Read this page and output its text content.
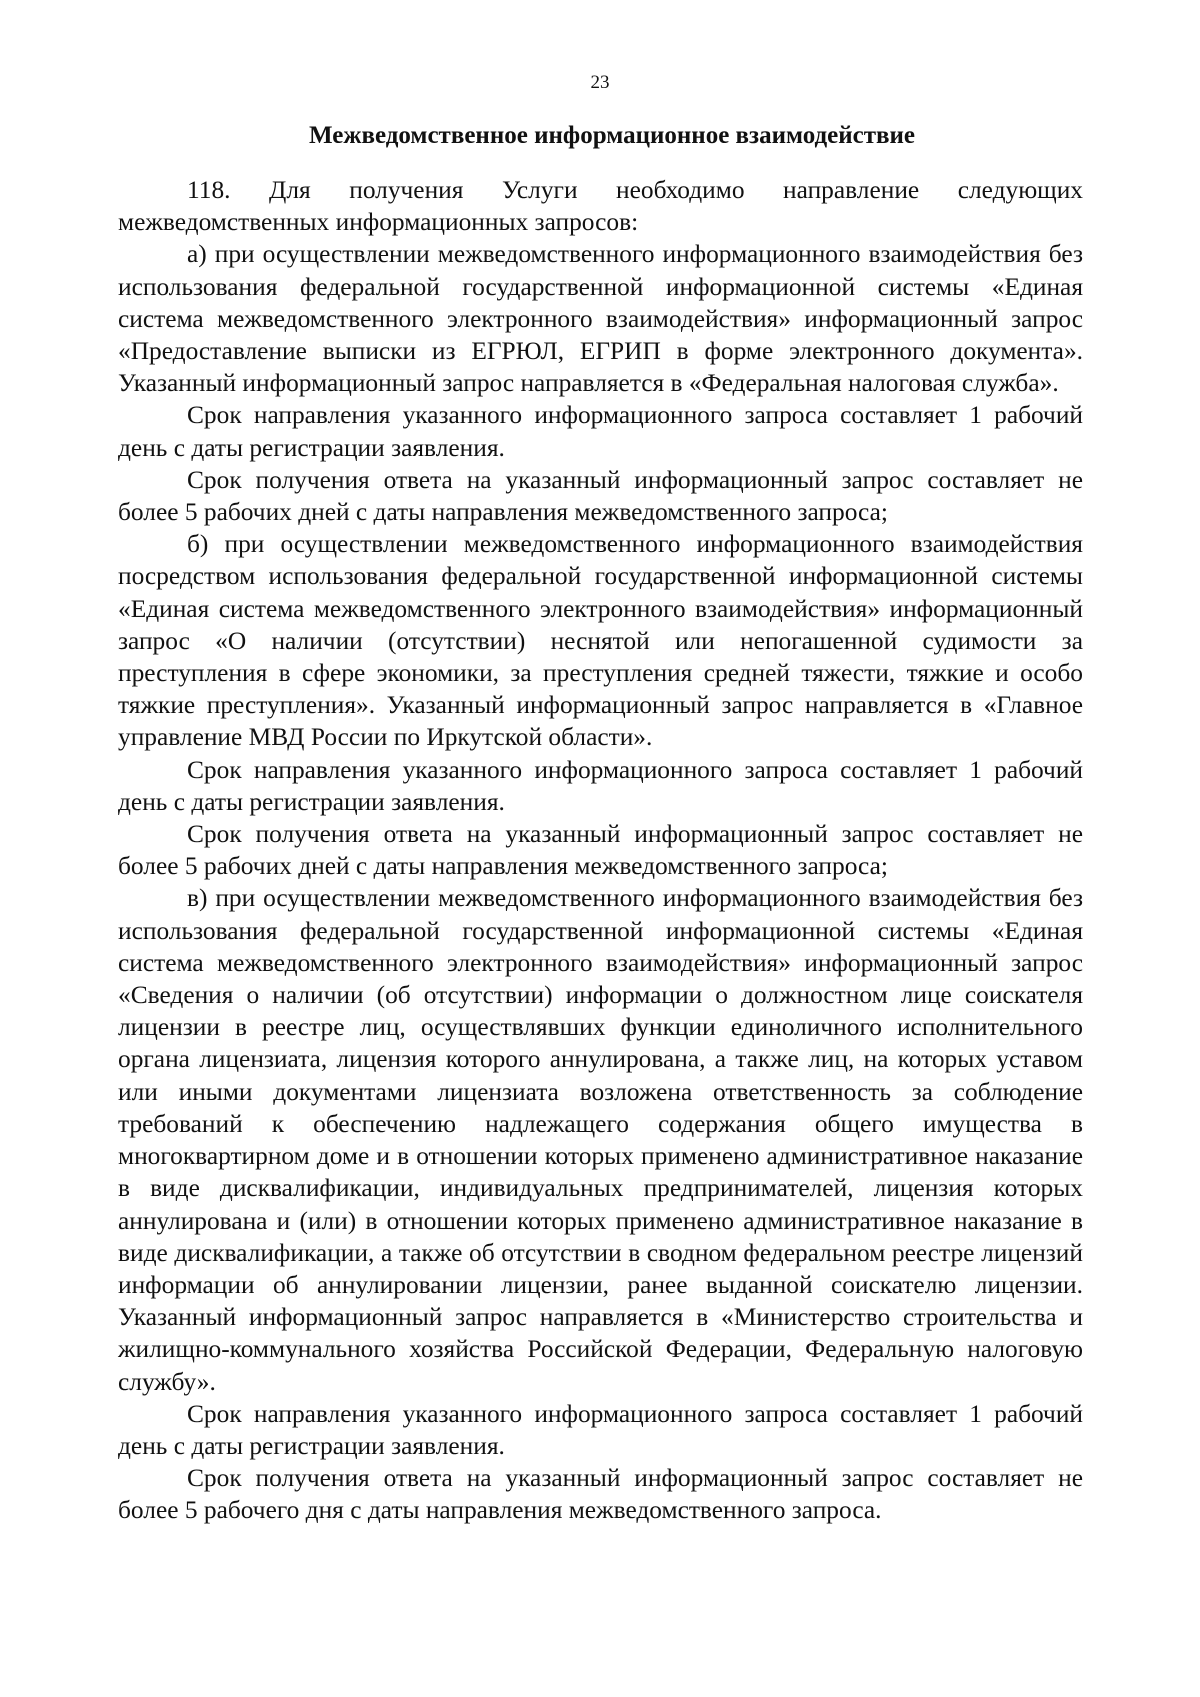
23
Межведомственное информационное взаимодействие

118. Для получения Услуги необходимо направление следующих межведомственных информационных запросов:

а) при осуществлении межведомственного информационного взаимодействия без использования федеральной государственной информационной системы «Единая система межведомственного электронного взаимодействия» информационный запрос «Предоставление выписки из ЕГРЮЛ, ЕГРИП в форме электронного документа». Указанный информационный запрос направляется в «Федеральная налоговая служба».

Срок направления указанного информационного запроса составляет 1 рабочий день с даты регистрации заявления.

Срок получения ответа на указанный информационный запрос составляет не более 5 рабочих дней с даты направления межведомственного запроса;

б) при осуществлении межведомственного информационного взаимодействия посредством использования федеральной государственной информационной системы «Единая система межведомственного электронного взаимодействия» информационный запрос «О наличии (отсутствии) неснятой или непогашенной судимости за преступления в сфере экономики, за преступления средней тяжести, тяжкие и особо тяжкие преступления». Указанный информационный запрос направляется в «Главное управление МВД России по Иркутской области».

Срок направления указанного информационного запроса составляет 1 рабочий день с даты регистрации заявления.

Срок получения ответа на указанный информационный запрос составляет не более 5 рабочих дней с даты направления межведомственного запроса;

в) при осуществлении межведомственного информационного взаимодействия без использования федеральной государственной информационной системы «Единая система межведомственного электронного взаимодействия» информационный запрос «Сведения о наличии (об отсутствии) информации о должностном лице соискателя лицензии в реестре лиц, осуществлявших функции единоличного исполнительного органа лицензиата, лицензия которого аннулирована, а также лиц, на которых уставом или иными документами лицензиата возложена ответственность за соблюдение требований к обеспечению надлежащего содержания общего имущества в многоквартирном доме и в отношении которых применено административное наказание в виде дисквалификации, индивидуальных предпринимателей, лицензия которых аннулирована и (или) в отношении которых применено административное наказание в виде дисквалификации, а также об отсутствии в сводном федеральном реестре лицензий информации об аннулировании лицензии, ранее выданной соискателю лицензии. Указанный информационный запрос направляется в «Министерство строительства и жилищно-коммунального хозяйства Российской Федерации, Федеральную налоговую службу».

Срок направления указанного информационного запроса составляет 1 рабочий день с даты регистрации заявления.

Срок получения ответа на указанный информационный запрос составляет не более 5 рабочего дня с даты направления межведомственного запроса.
